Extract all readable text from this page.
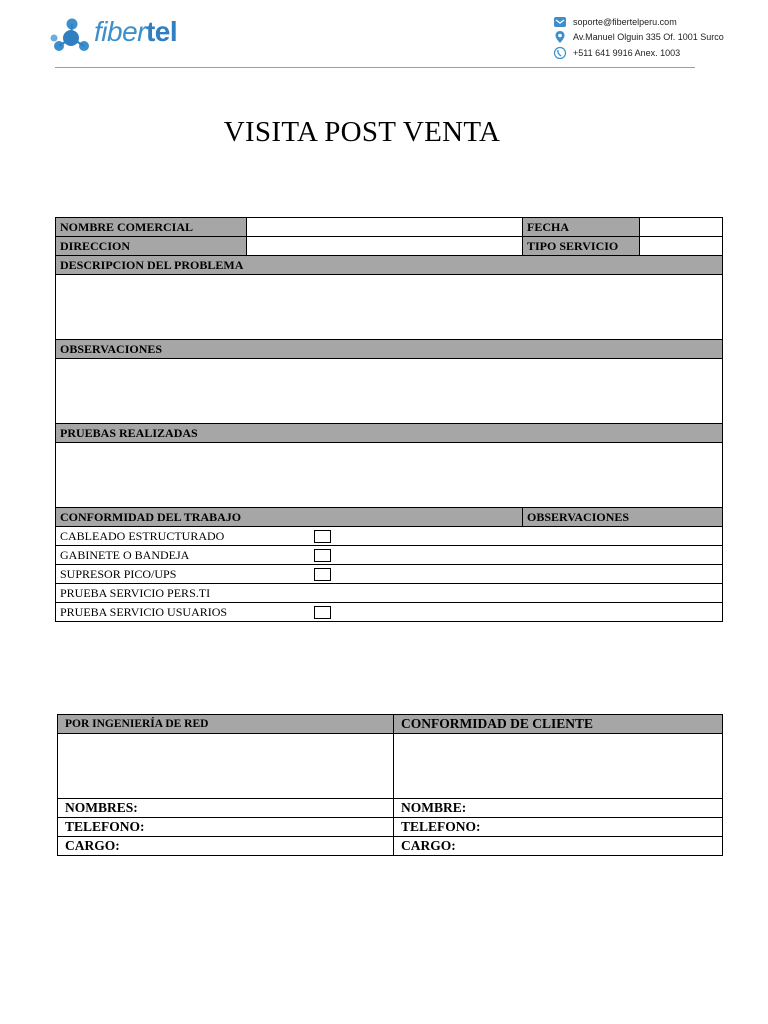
fibertel	soporte@fibertelperu.com
Av.Manuel Olguin 335 Of. 1001 Surco
+511 641 9916 Anex. 1003
VISITA POST VENTA
NOMBRE COMERCIAL		FECHA	
DIRECCION		TIPO SERVICIO	
DESCRIPCION DEL PROBLEMA			

OBSERVACIONES			

PRUEBAS REALIZADAS			

CONFORMIDAD DEL TRABAJO		OBSERVACIONES	
CABLEADO ESTRUCTURADO			

GABINETE O BANDEJA			

SUPRESOR PICO/UPS			

PRUEBA SERVICIO PERS.TI			
PRUEBA SERVICIO USUARIOS			
POR INGENIERÍA DE RED	CONFORMIDAD DE CLIENTE

NOMBRES:	NOMBRE:
TELEFONO:	TELEFONO:
CARGO:	CARGO:
